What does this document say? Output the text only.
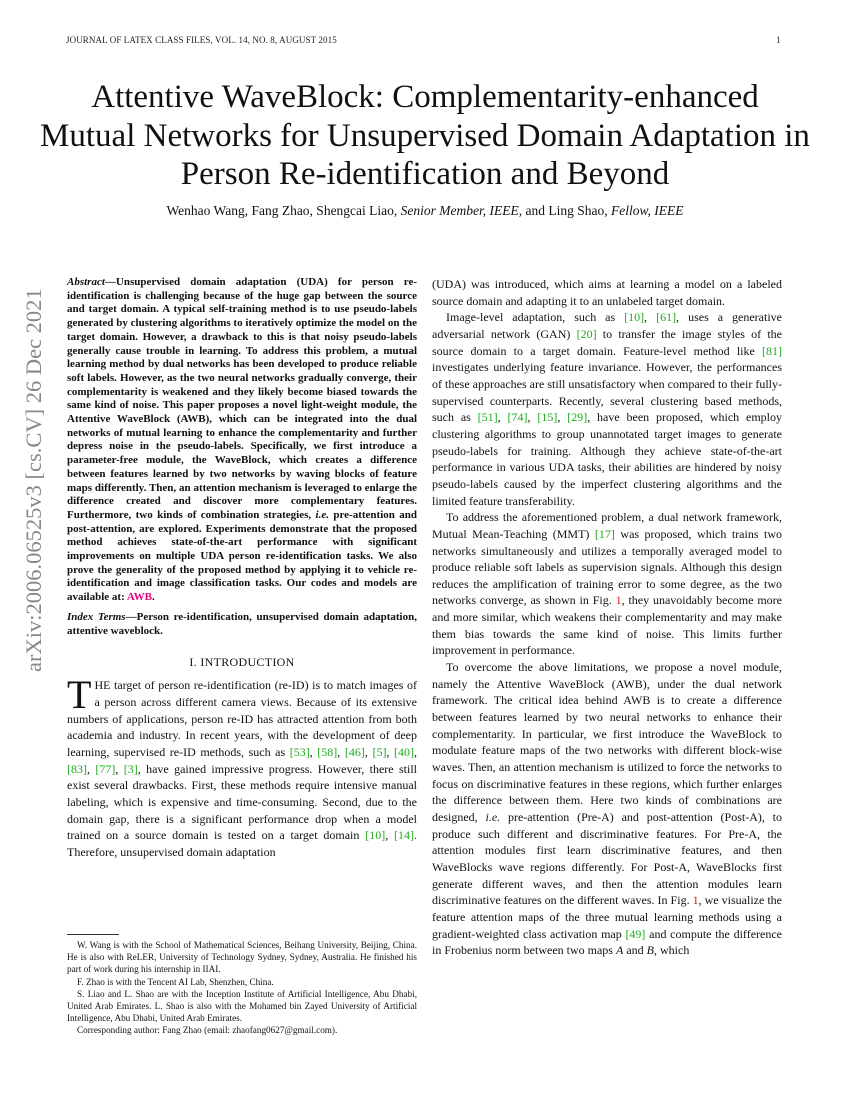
JOURNAL OF LATEX CLASS FILES, VOL. 14, NO. 8, AUGUST 2015	1
Attentive WaveBlock: Complementarity-enhanced Mutual Networks for Unsupervised Domain Adaptation in Person Re-identification and Beyond
Wenhao Wang, Fang Zhao, Shengcai Liao, Senior Member, IEEE, and Ling Shao, Fellow, IEEE
arXiv:2006.06525v3 [cs.CV] 26 Dec 2021

Abstract—Unsupervised domain adaptation (UDA) for person re-identification is challenging because of the huge gap between the source and target domain. A typical self-training method is to use pseudo-labels generated by clustering algorithms to iteratively optimize the model on the target domain. However, a drawback to this is that noisy pseudo-labels generally cause trouble in learning. To address this problem, a mutual learning method by dual networks has been developed to produce reliable soft labels. However, as the two neural networks gradually converge, their complementarity is weakened and they likely become biased towards the same kind of noise. This paper proposes a novel light-weight module, the Attentive WaveBlock (AWB), which can be integrated into the dual networks of mutual learning to enhance the complementarity and further depress noise in the pseudo-labels. Specifically, we first introduce a parameter-free module, the WaveBlock, which creates a difference between features learned by two networks by waving blocks of feature maps differently. Then, an attention mechanism is leveraged to enlarge the difference created and discover more complementary features. Furthermore, two kinds of combination strategies, i.e. pre-attention and post-attention, are explored. Experiments demonstrate that the proposed method achieves state-of-the-art performance with significant improvements on multiple UDA person re-identification tasks. We also prove the generality of the proposed method by applying it to vehicle re-identification and image classification tasks. Our codes and models are available at: AWB.

Index Terms—Person re-identification, unsupervised domain adaptation, attentive waveblock.

I. INTRODUCTION

THE target of person re-identification (re-ID) is to match images of a person across different camera views. Because of its extensive numbers of applications, person re-ID has attracted attention from both academia and industry. In recent years, with the development of deep learning, supervised re-ID methods, such as [53], [58], [46], [5], [40], [83], [77], [3], have gained impressive progress. However, there still exist several drawbacks. First, these methods require intensive manual labeling, which is expensive and time-consuming. Second, due to the domain gap, there is a significant performance drop when a model trained on a source domain is tested on a target domain [10], [14]. Therefore, unsupervised domain adaptation

W. Wang is with the School of Mathematical Sciences, Beihang University, Beijing, China. He is also with ReLER, University of Technology Sydney, Sydney, Australia. He finished his part of work during his internship in IIAI.

F. Zhao is with the Tencent AI Lab, Shenzhen, China.

S. Liao and L. Shao are with the Inception Institute of Artificial Intelligence, Abu Dhabi, United Arab Emirates. L. Shao is also with the Mohamed bin Zayed University of Artificial Intelligence, Abu Dhabi, United Arab Emirates.

Corresponding author: Fang Zhao (email: zhaofang0627@gmail.com).

(UDA) was introduced, which aims at learning a model on a labeled source domain and adapting it to an unlabeled target domain.

Image-level adaptation, such as [10], [61], uses a generative adversarial network (GAN) [20] to transfer the image styles of the source domain to a target domain. Feature-level method like [81] investigates underlying feature invariance. However, the performances of these approaches are still unsatisfactory when compared to their fully-supervised counterparts. Recently, several clustering based methods, such as [51], [74], [15], [29], have been proposed, which employ clustering algorithms to group unannotated target images to generate pseudo-labels for training. Although they achieve state-of-the-art performance in various UDA tasks, their abilities are hindered by noisy pseudo-labels caused by the imperfect clustering algorithms and the limited feature transferability.

To address the aforementioned problem, a dual network framework, Mutual Mean-Teaching (MMT) [17] was proposed, which trains two networks simultaneously and utilizes a temporally averaged model to produce reliable soft labels as supervision signals. Although this design reduces the amplification of training error to some degree, as the two networks converge, as shown in Fig. 1, they unavoidably become more and more similar, which weakens their complementarity and may make them bias towards the same kind of noise. This limits further improvement in performance.

To overcome the above limitations, we propose a novel module, namely the Attentive WaveBlock (AWB), under the dual network framework. The critical idea behind AWB is to create a difference between features learned by two neural networks to enhance their complementarity. In particular, we first introduce the WaveBlock to modulate feature maps of the two networks with different block-wise waves. Then, an attention mechanism is utilized to force the networks to focus on discriminative features in these regions, which further enlarges the difference between them. Here two kinds of combinations are designed, i.e. pre-attention (Pre-A) and post-attention (Post-A), to produce such different and discriminative features. For Pre-A, the attention modules first learn discriminative features, and then WaveBlocks wave regions differently. For Post-A, WaveBlocks first generate different waves, and then the attention modules learn discriminative features on the different waves. In Fig. 1, we visualize the feature attention maps of the three mutual learning methods using a gradient-weighted class activation map [49] and compute the difference in Frobenius norm between two maps A and B, which
